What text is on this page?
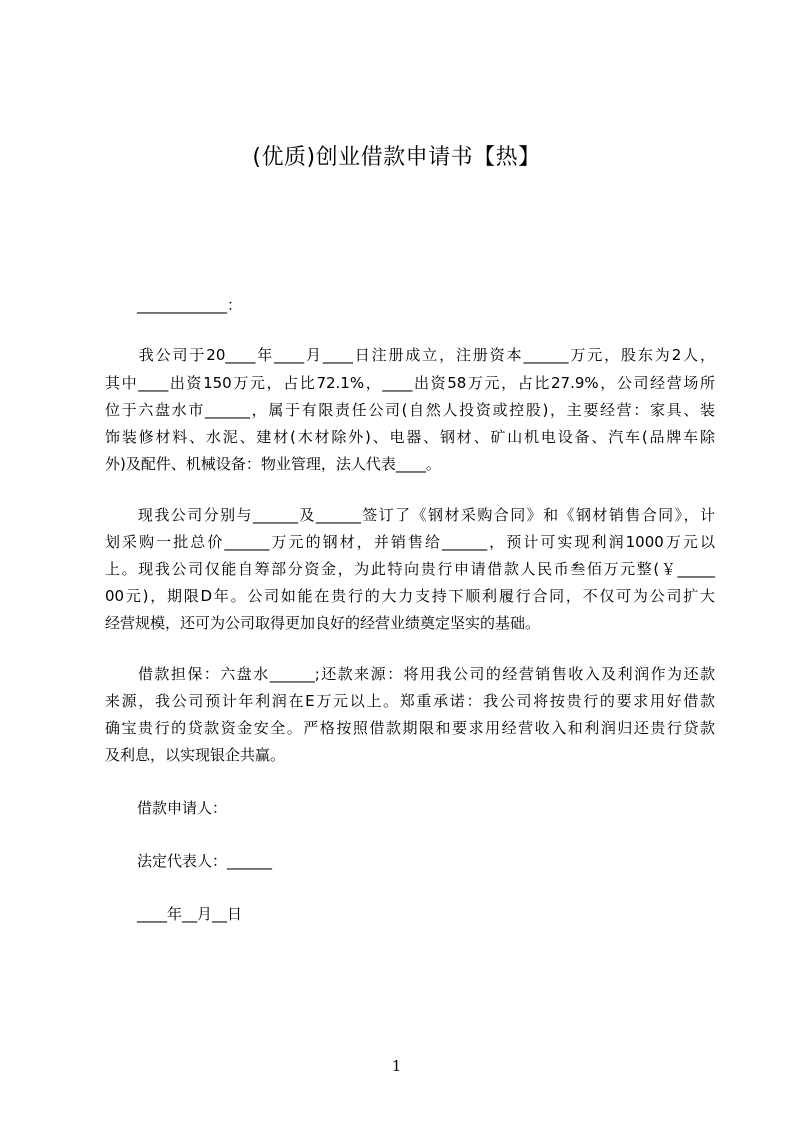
(优质)创业借款申请书【热】
____________：
　　我公司于20____年____月____日注册成立，注册资本______万元，股东为2人，
其中____出资150万元，占比72.1%，____出资58万元，占比27.9%，公司经营场所
位于六盘水市______，属于有限责任公司(自然人投资或控股)，主要经营：家具、装
饰装修材料、水泥、建材(木材除外)、电器、钢材、矿山机电设备、汽车(品牌车除
外)及配件、机械设备：物业管理，法人代表____。
　　现我公司分别与______及______签订了《钢材采购合同》和《钢材销售合同》，计
划采购一批总价______万元的钢材，并销售给______，预计可实现利润1000万元以
上。现我公司仅能自筹部分资金，为此特向贵行申请借款人民币叁佰万元整(￥_____
00元)，期限D年。公司如能在贵行的大力支持下顺利履行合同，不仅可为公司扩大
经营规模，还可为公司取得更加良好的经营业绩奠定坚实的基础。
　　借款担保：六盘水______;还款来源：将用我公司的经营销售收入及利润作为还款
来源，我公司预计年利润在E万元以上。郑重承诺：我公司将按贵行的要求用好借款
确宝贵行的贷款资金安全。严格按照借款期限和要求用经营收入和利润归还贵行贷款
及利息，以实现银企共赢。
借款申请人：
法定代表人：______
____年__月__日
1
